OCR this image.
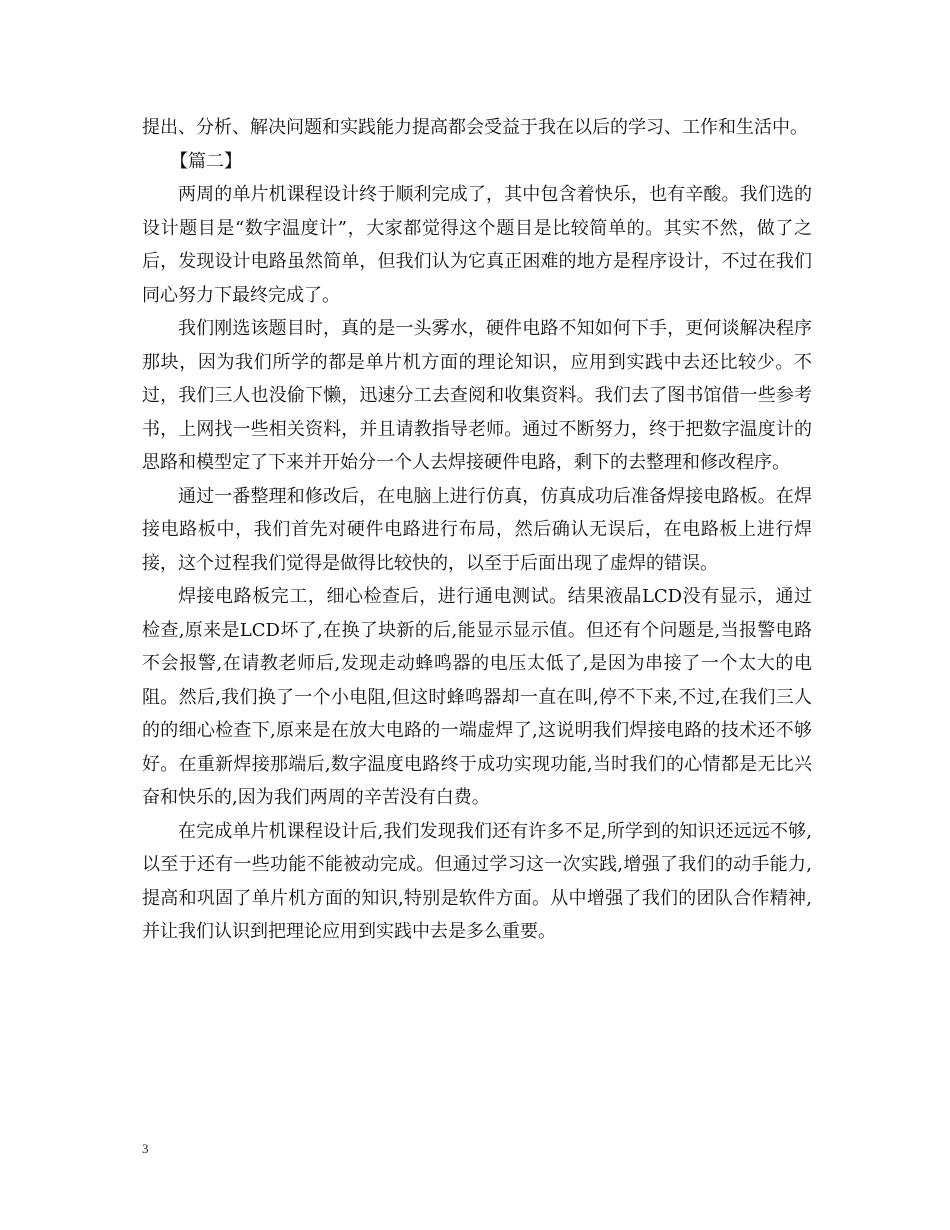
提出、分析、解决问题和实践能力提高都会受益于我在以后的学习、工作和生活中。

【篇二】

两周的单片机课程设计终于顺利完成了，其中包含着快乐，也有辛酸。我们选的设计题目是“数字温度计”，大家都觉得这个题目是比较简单的。其实不然，做了之后，发现设计电路虽然简单，但我们认为它真正困难的地方是程序设计，不过在我们同心努力下最终完成了。

我们刚选该题目时，真的是一头雾水，硬件电路不知如何下手，更何谈解决程序那块，因为我们所学的都是单片机方面的理论知识，应用到实践中去还比较少。不过，我们三人也没偷下懒，迅速分工去查阅和收集资料。我们去了图书馆借一些参考书，上网找一些相关资料，并且请教指导老师。通过不断努力，终于把数字温度计的思路和模型定了下来并开始分一个人去焊接硬件电路，剩下的去整理和修改程序。

通过一番整理和修改后，在电脑上进行仿真，仿真成功后准备焊接电路板。在焊接电路板中，我们首先对硬件电路进行布局，然后确认无误后，在电路板上进行焊接，这个过程我们觉得是做得比较快的，以至于后面出现了虚焊的错误。

焊接电路板完工，细心检查后，进行通电测试。结果液晶LCD没有显示，通过检查,原来是LCD坏了,在换了块新的后,能显示显示值。但还有个问题是,当报警电路不会报警,在请教老师后,发现走动蜂鸣器的电压太低了,是因为串接了一个太大的电阻。然后,我们换了一个小电阻,但这时蜂鸣器却一直在叫,停不下来,不过,在我们三人的的细心检查下,原来是在放大电路的一端虚焊了,这说明我们焊接电路的技术还不够好。在重新焊接那端后,数字温度电路终于成功实现功能,当时我们的心情都是无比兴奋和快乐的,因为我们两周的辛苦没有白费。

在完成单片机课程设计后,我们发现我们还有许多不足,所学到的知识还远远不够,以至于还有一些功能不能被动完成。但通过学习这一次实践,增强了我们的动手能力,提高和巩固了单片机方面的知识,特别是软件方面。从中增强了我们的团队合作精神,并让我们认识到把理论应用到实践中去是多么重要。

3
